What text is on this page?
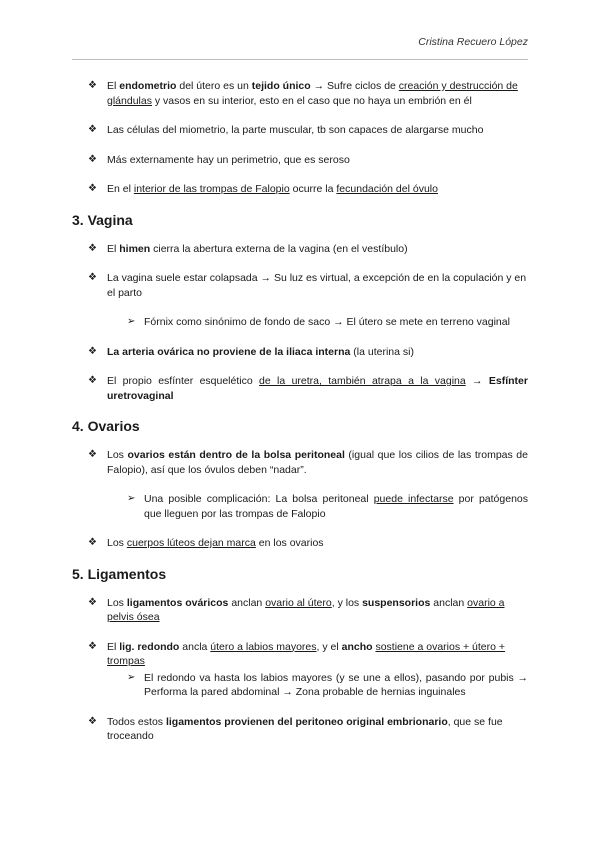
Cristina Recuero López
❖ El endometrio del útero es un tejido único → Sufre ciclos de creación y destrucción de glándulas y vasos en su interior, esto en el caso que no haya un embrión en él
❖ Las células del miometrio, la parte muscular, tb son capaces de alargarse mucho
❖ Más externamente hay un perimetrio, que es seroso
❖ En el interior de las trompas de Falopio ocurre la fecundación del óvulo
3. Vagina
❖ El himen cierra la abertura externa de la vagina (en el vestíbulo)
❖ La vagina suele estar colapsada → Su luz es virtual, a excepción de en la copulación y en el parto
➢ Fórnix como sinónimo de fondo de saco → El útero se mete en terreno vaginal
❖ La arteria ovárica no proviene de la iliaca interna (la uterina si)
❖ El propio esfínter esquelético de la uretra, también atrapa a la vagina → Esfínter uretrovaginal
4. Ovarios
❖ Los ovarios están dentro de la bolsa peritoneal (igual que los cilios de las trompas de Falopio), así que los óvulos deben “nadar”.
➢ Una posible complicación: La bolsa peritoneal puede infectarse por patógenos que lleguen por las trompas de Falopio
❖ Los cuerpos lúteos dejan marca en los ovarios
5. Ligamentos
❖ Los ligamentos ováricos anclan ovario al útero, y los suspensorios anclan ovario a pelvis ósea
❖ El lig. redondo ancla útero a labios mayores, y el ancho sostiene a ovarios + útero + trompas
➢ El redondo va hasta los labios mayores (y se une a ellos), pasando por pubis → Performa la pared abdominal → Zona probable de hernias inguinales
❖ Todos estos ligamentos provienen del peritoneo original embrionario, que se fue troceando
